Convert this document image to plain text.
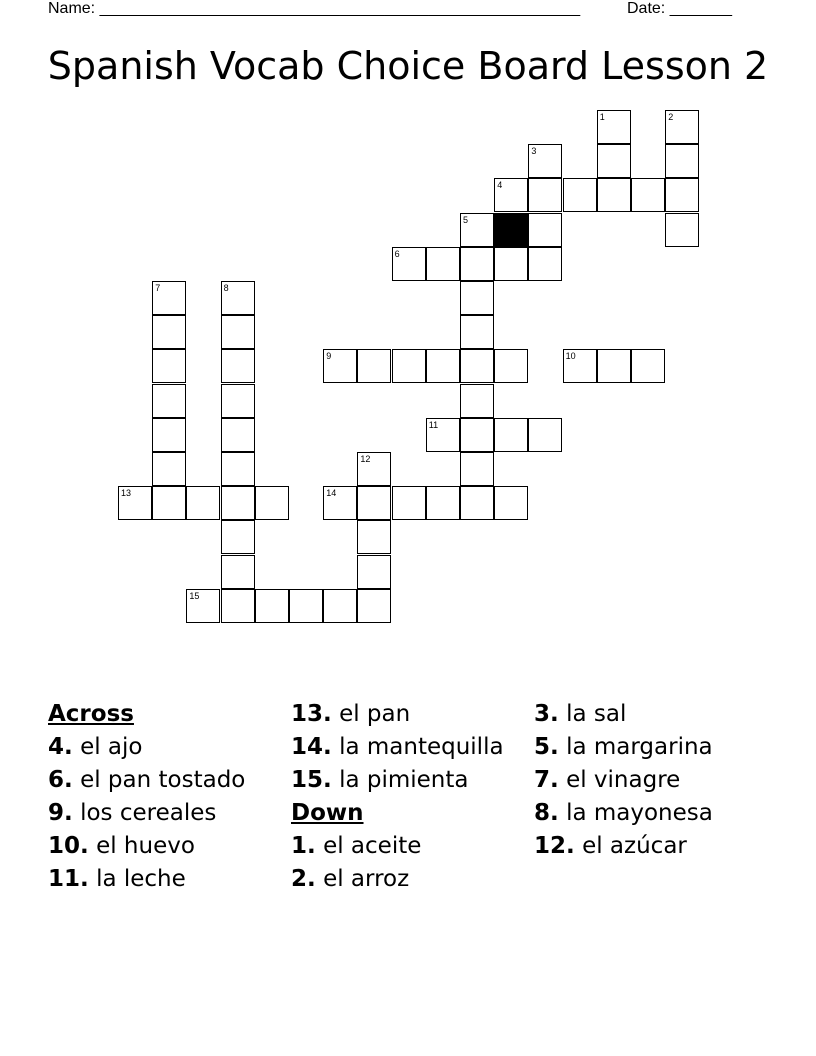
Name: ______________________________________________________	Date: _______
Spanish Vocab Choice Board Lesson 2
1	2
3
4
5
6
7	8
9	10
11
12
13	14
15
Across
4 . el ajo
6 . el pan tostado
9 . los cereales
10 . el huevo
11 . la leche
13 . el pan
14 . la mantequilla
15 . la pimienta
Down
1 . el aceite
2 . el arroz
3 . la sal
5 . la margarina
7 . el vinagre
8 . la mayonesa
12 . el azúcar
